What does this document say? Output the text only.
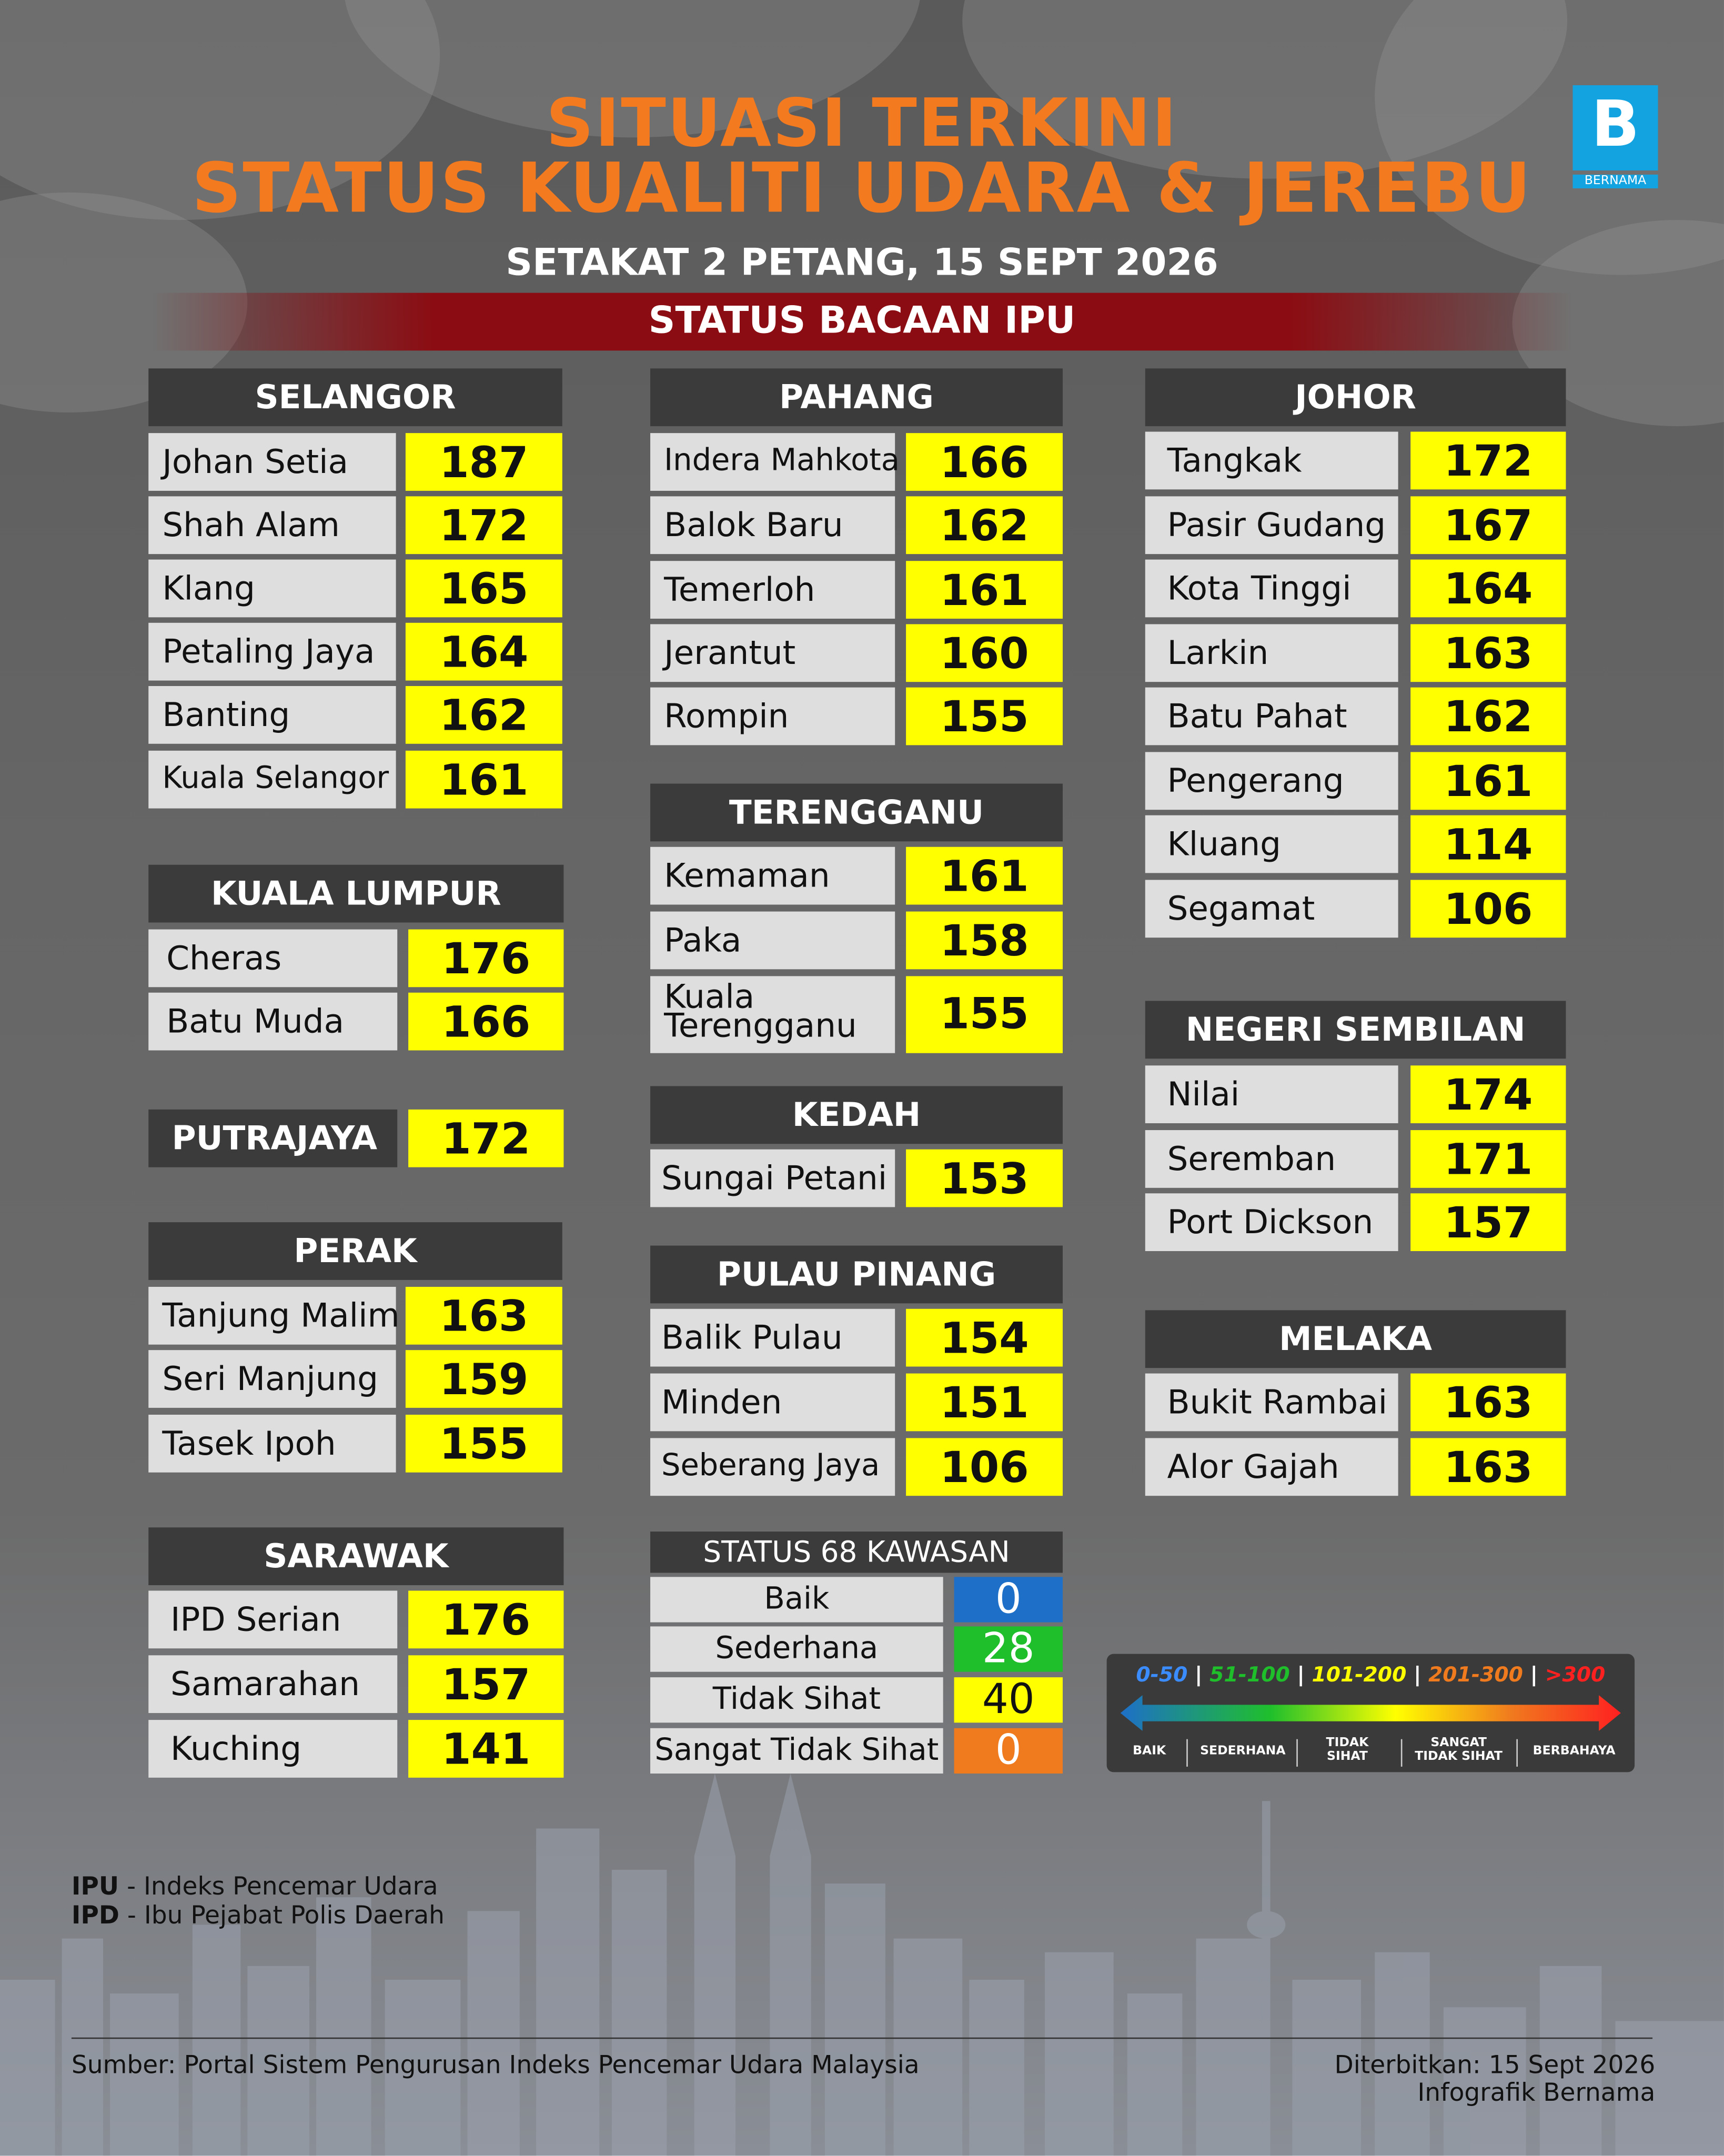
B
BERNAMA
SITUASI TERKINI
STATUS KUALITI UDARA & JEREBU
SETAKAT 2 PETANG, 15 SEPT 2026
STATUS BACAAN IPU
SELANGOR
Johan Setia	187
Shah Alam	172
Klang	165
Petaling Jaya	164
Banting	162
Kuala Selangor	161
KUALA LUMPUR
Cheras	176
Batu Muda	166
PUTRAJAYA	172
PERAK
Tanjung Malim	163
Seri Manjung	159
Tasek Ipoh	155
SARAWAK
IPD Serian	176
Samarahan	157
Kuching	141
PAHANG
Indera Mahkota	166
Balok Baru	162
Temerloh	161
Jerantut	160
Rompin	155
TERENGGANU
Kemaman	161
Paka	158
Kuala
Terengganu	155
KEDAH
Sungai Petani	153
PULAU PINANG
Balik Pulau	154
Minden	151
Seberang Jaya	106
STATUS 68 KAWASAN
Baik	0
Sederhana	28
Tidak Sihat	40
Sangat Tidak Sihat	0
JOHOR
Tangkak	172
Pasir Gudang	167
Kota Tinggi	164
Larkin	163
Batu Pahat	162
Pengerang	161
Kluang	114
Segamat	106
NEGERI SEMBILAN
Nilai	174
Seremban	171
Port Dickson	157
MELAKA
Bukit Rambai	163
Alor Gajah	163
0-50 | 51-100 | 101-200 | 201-300 | >300
BAIK	SEDERHANA
TIDAK
SIHAT
SANGAT
TIDAK SIHAT	BERBAHAYA
IPU - Indeks Pencemar Udara
IPD - Ibu Pejabat Polis Daerah
Sumber: Portal Sistem Pengurusan Indeks Pencemar Udara Malaysia	Diterbitkan: 15 Sept 2026
Infografik Bernama
